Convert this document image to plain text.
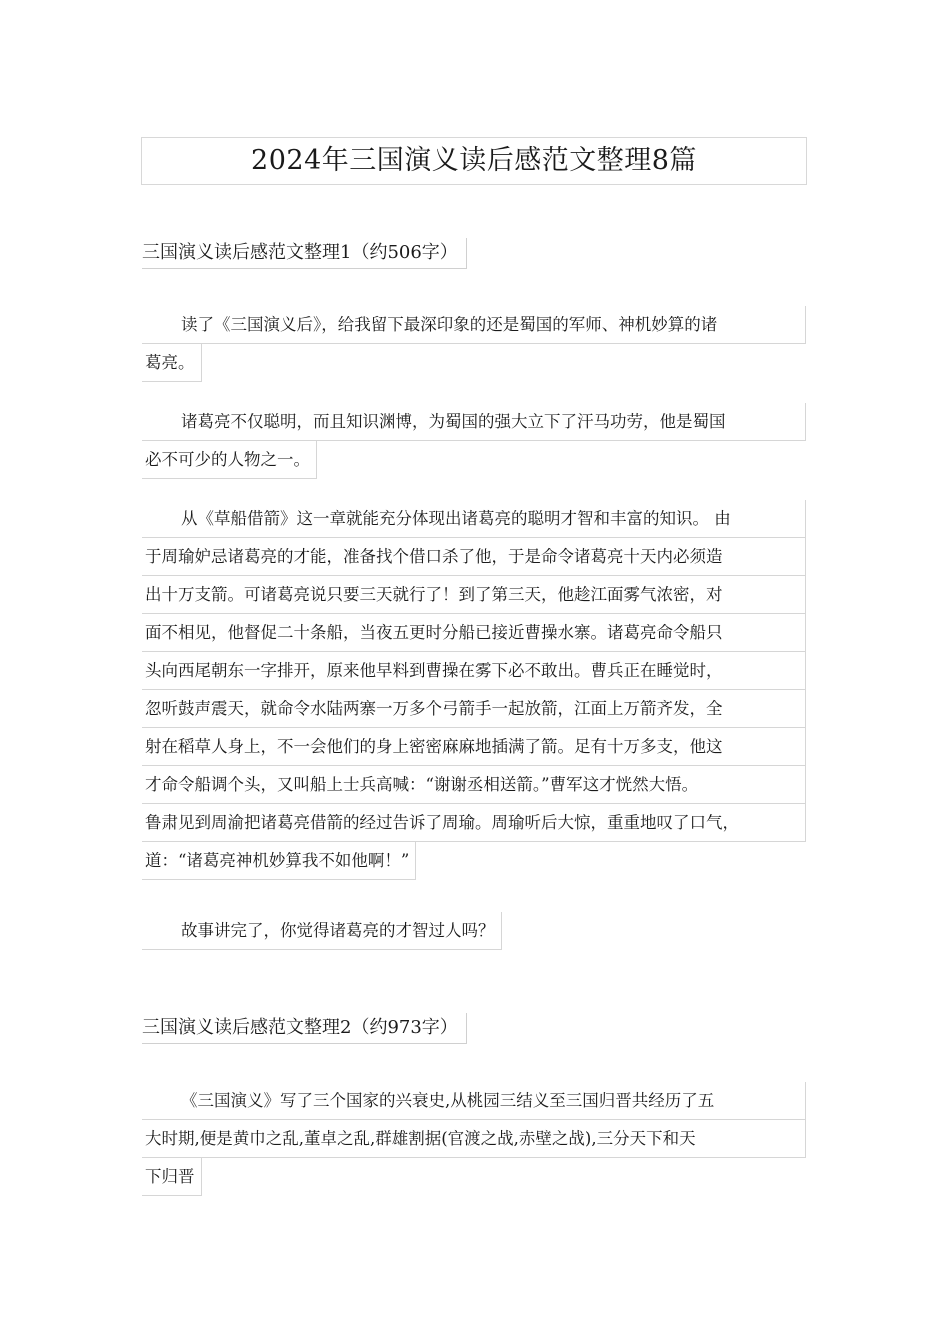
2024年三国演义读后感范文整理8篇
三国演义读后感范文整理1（约506字）
读了《三国演义后》，给我留下最深印象的还是蜀国的军师、神机妙算的诸
葛亮。
诸葛亮不仅聪明，而且知识渊博，为蜀国的强大立下了汗马功劳，他是蜀国
必不可少的人物之一。
从《草船借箭》这一章就能充分体现出诸葛亮的聪明才智和丰富的知识。 由
于周瑜妒忌诸葛亮的才能，准备找个借口杀了他，于是命令诸葛亮十天内必须造
出十万支箭。可诸葛亮说只要三天就行了！到了第三天，他趁江面雾气浓密，对
面不相见，他督促二十条船，当夜五更时分船已接近曹操水寨。诸葛亮命令船只
头向西尾朝东一字排开，原来他早料到曹操在雾下必不敢出。曹兵正在睡觉时，
忽听鼓声震天，就命令水陆两寨一万多个弓箭手一起放箭，江面上万箭齐发，全
射在稻草人身上，不一会他们的身上密密麻麻地插满了箭。足有十万多支，他这
才命令船调个头，又叫船上士兵高喊：“谢谢丞相送箭。”曹军这才恍然大悟。
鲁肃见到周渝把诸葛亮借箭的经过告诉了周瑜。周瑜听后大惊，重重地叹了口气，
道：“诸葛亮神机妙算我不如他啊！”
故事讲完了，你觉得诸葛亮的才智过人吗？
三国演义读后感范文整理2（约973字）
《三国演义》写了三个国家的兴衰史,从桃园三结义至三国归晋共经历了五
大时期,便是黄巾之乱,董卓之乱,群雄割据(官渡之战,赤壁之战),三分天下和天
下归晋
